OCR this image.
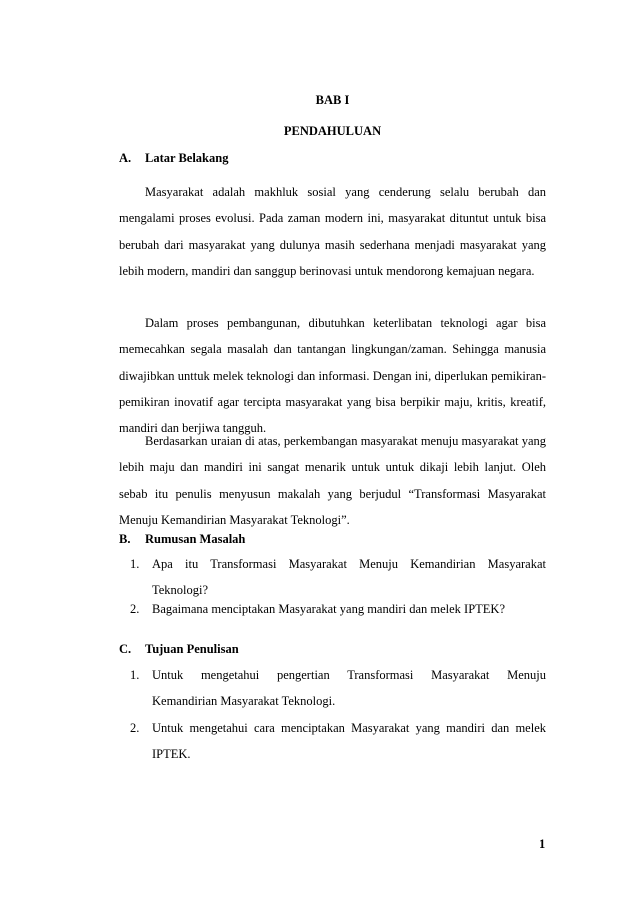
BAB I
PENDAHULUAN
A. Latar Belakang

Masyarakat adalah makhluk sosial yang cenderung selalu berubah dan mengalami proses evolusi. Pada zaman modern ini, masyarakat dituntut untuk bisa berubah dari masyarakat yang dulunya masih sederhana menjadi masyarakat yang lebih modern, mandiri dan sanggup berinovasi untuk mendorong kemajuan negara.

Dalam proses pembangunan, dibutuhkan keterlibatan teknologi agar bisa memecahkan segala masalah dan tantangan lingkungan/zaman. Sehingga manusia diwajibkan unttuk melek teknologi dan informasi. Dengan ini, diperlukan pemikiran-pemikiran inovatif agar tercipta masyarakat yang bisa berpikir maju, kritis, kreatif, mandiri dan berjiwa tangguh.

Berdasarkan uraian di atas, perkembangan masyarakat menuju masyarakat yang lebih maju dan mandiri ini sangat menarik untuk untuk dikaji lebih lanjut. Oleh sebab itu penulis menyusun makalah yang berjudul “Transformasi Masyarakat Menuju Kemandirian Masyarakat Teknologi”.

B. Rumusan Masalah
1. Apa itu Transformasi Masyarakat Menuju Kemandirian Masyarakat
Teknologi?
2. Bagaimana menciptakan Masyarakat yang mandiri dan melek IPTEK?
C. Tujuan Penulisan
1. Untuk mengetahui pengertian Transformasi Masyarakat Menuju
Kemandirian Masyarakat Teknologi.
2. Untuk mengetahui cara menciptakan Masyarakat yang mandiri dan melek
IPTEK.
1
